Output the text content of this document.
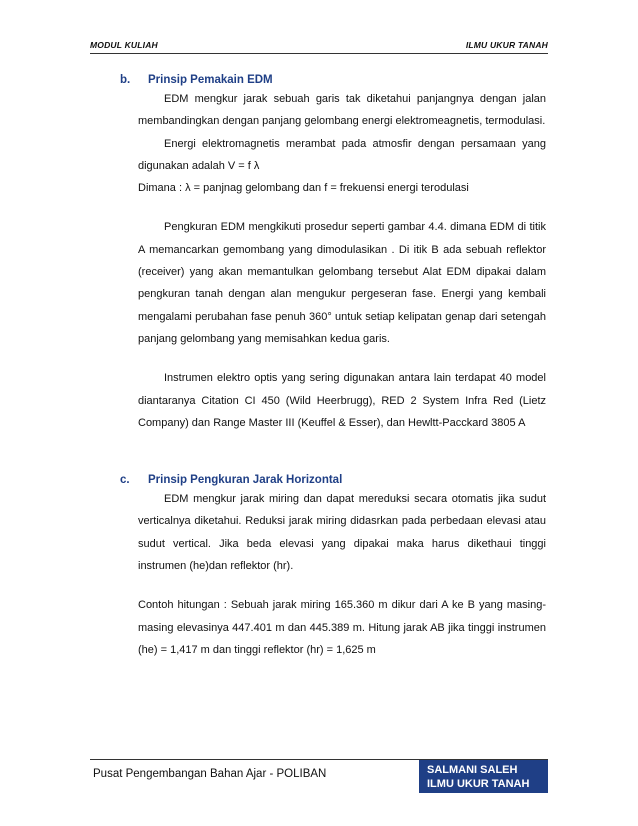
MODUL KULIAH	ILMU UKUR TANAH
b. Prinsip Pemakain EDM

EDM mengkur jarak sebuah garis tak diketahui panjangnya dengan jalan membandingkan dengan panjang gelombang energi elektromeagnetis, termodulasi.

Energi elektromagnetis merambat pada atmosfir dengan persamaan yang digunakan adalah V = f λ

Dimana : λ = panjnag gelombang dan f = frekuensi energi terodulasi

Pengkuran EDM mengkikuti prosedur seperti gambar 4.4. dimana EDM di titik A memancarkan gemombang yang dimodulasikan . Di itik B ada sebuah reflektor (receiver) yang akan memantulkan gelombang tersebut Alat EDM dipakai dalam pengkuran tanah dengan alan mengukur pergeseran fase. Energi yang kembali mengalami perubahan fase penuh 360° untuk setiap kelipatan genap dari setengah panjang gelombang yang memisahkan kedua garis.

Instrumen elektro optis yang sering digunakan antara lain terdapat 40 model diantaranya Citation CI 450 (Wild Heerbrugg), RED 2 System Infra Red (Lietz Company) dan Range Master III (Keuffel & Esser), dan Hewltt-Pacckard 3805 A

c. Prinsip Pengkuran Jarak Horizontal

EDM mengkur jarak miring dan dapat mereduksi secara otomatis jika sudut verticalnya diketahui. Reduksi jarak miring didasrkan pada perbedaan elevasi atau sudut vertical. Jika beda elevasi yang dipakai maka harus dikethaui tinggi instrumen (he)dan reflektor (hr).

Contoh hitungan : Sebuah jarak miring 165.360 m dikur dari A ke B yang masing-masing elevasinya 447.401 m dan 445.389 m. Hitung jarak AB jika tinggi instrumen (he) = 1,417 m dan tinggi reflektor (hr) = 1,625 m

Pusat Pengembangan Bahan Ajar - POLIBAN	SALMANI SALEH
ILMU UKUR TANAH
